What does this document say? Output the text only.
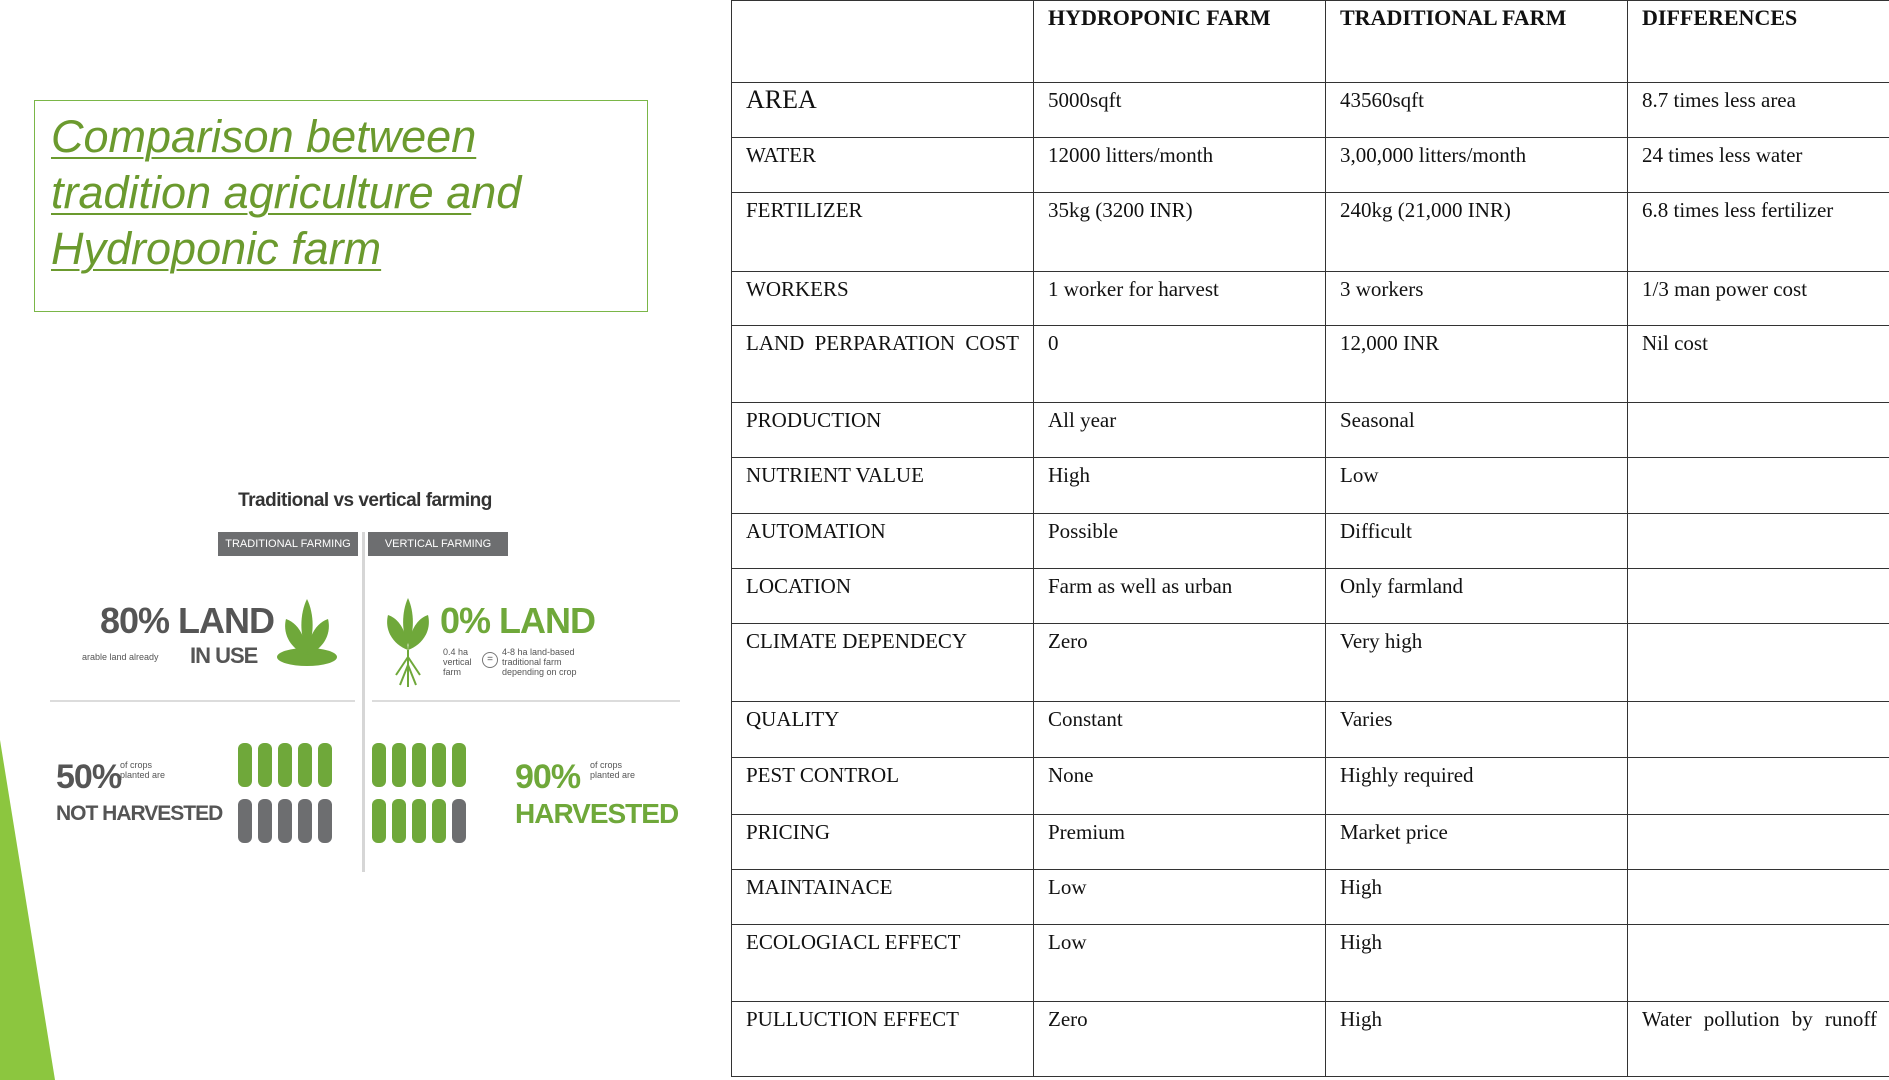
Comparison between
tradition agriculture and
Hydroponic farm
Traditional vs vertical farming
TRADITIONAL FARMING	VERTICAL FARMING
80% LAND
arable land already IN USE
0% LAND
0.4 ha vertical farm
=
4-8 ha land-based traditional farm depending on crop
50%
of crops planted are
NOT HARVESTED
90% of crops planted are
HARVESTED
	HYDROPONIC FARM	TRADITIONAL FARM	DIFFERENCES
AREA	5000sqft	43560sqft	8.7 times less area
WATER	12000 litters/month	3,00,000 litters/month	24 times less water
FERTILIZER	35kg (3200 INR)	240kg (21,000 INR)	6.8 times less fertilizer
WORKERS	1 worker for harvest	3 workers	1/3 man power cost
LAND PERPARATION COST	0	12,000 INR	Nil cost
PRODUCTION	All year	Seasonal	
NUTRIENT VALUE	High	Low	
AUTOMATION	Possible	Difficult	
LOCATION	Farm as well as urban	Only farmland	
CLIMATE DEPENDECY	Zero	Very high	
QUALITY	Constant	Varies	
PEST CONTROL	None	Highly required	
PRICING	Premium	Market price	
MAINTAINACE	Low	High	
ECOLOGIACL EFFECT	Low	High	
PULLUCTION EFFECT	Zero	High	Water pollution by runoff
